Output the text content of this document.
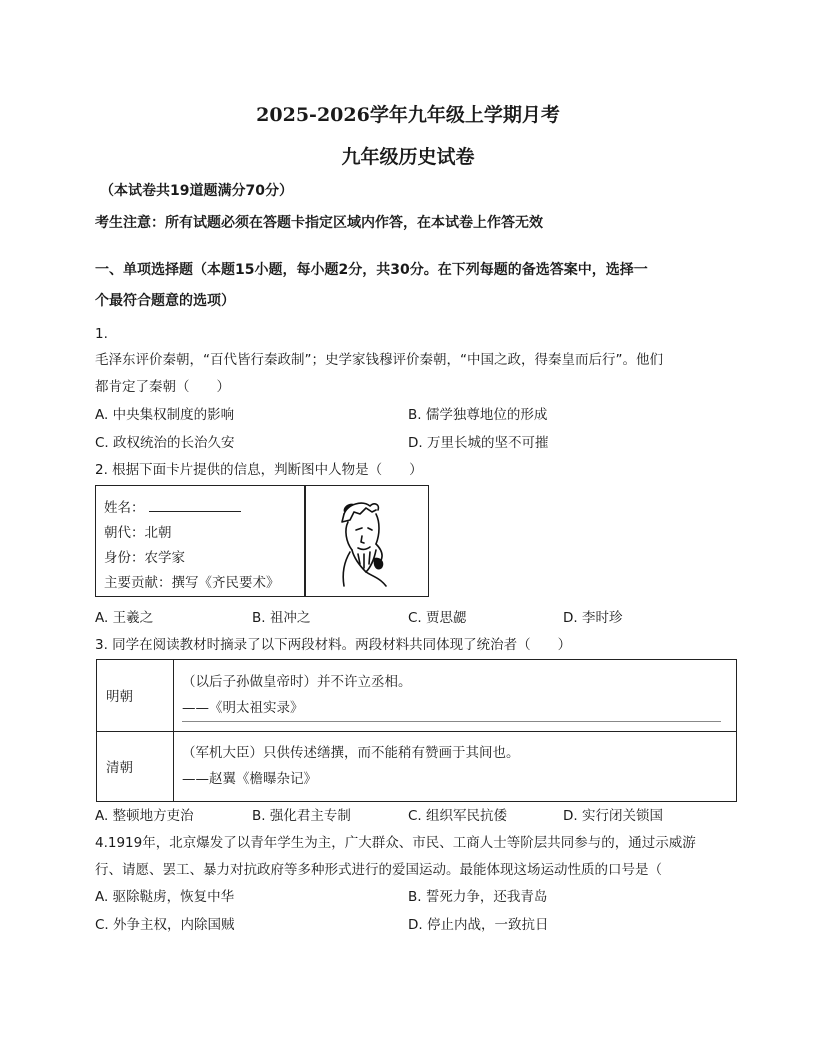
2025-2026学年九年级上学期月考
九年级历史试卷
（本试卷共19道题满分70分）
考生注意：所有试题必须在答题卡指定区域内作答，在本试卷上作答无效
一、单项选择题（本题15小题，每小题2分，共30分。在下列每题的备选答案中，选择一
个最符合题意的选项）
1.
毛泽东评价秦朝，“百代皆行秦政制”；史学家钱穆评价秦朝，“中国之政，得秦皇而后行”。他们
都肯定了秦朝（　　）
A. 中央集权制度的影响	B. 儒学独尊地位的形成
C. 政权统治的长治久安	D. 万里长城的坚不可摧
2. 根据下面卡片提供的信息，判断图中人物是（　　）
姓名：
朝代：北朝
身份：农学家
主要贡献：撰写《齐民要术》
A. 王羲之	B. 祖冲之	C. 贾思勰	D. 李时珍
3. 同学在阅读教材时摘录了以下两段材料。两段材料共同体现了统治者（　　）
明朝	（以后子孙做皇帝时）并不许立丞相。
——《明太祖实录》

清朝	（军机大臣）只供传述缮撰，而不能稍有赞画于其间也。
——赵翼《檐曝杂记》
A. 整顿地方吏治	B. 强化君主专制	C. 组织军民抗倭	D. 实行闭关锁国
4.1919年，北京爆发了以青年学生为主，广大群众、市民、工商人士等阶层共同参与的，通过示威游
行、请愿、罢工、暴力对抗政府等多种形式进行的爱国运动。最能体现这场运动性质的口号是（
A. 驱除鞑虏，恢复中华	B. 誓死力争，还我青岛
C. 外争主权，内除国贼	D. 停止内战，一致抗日
